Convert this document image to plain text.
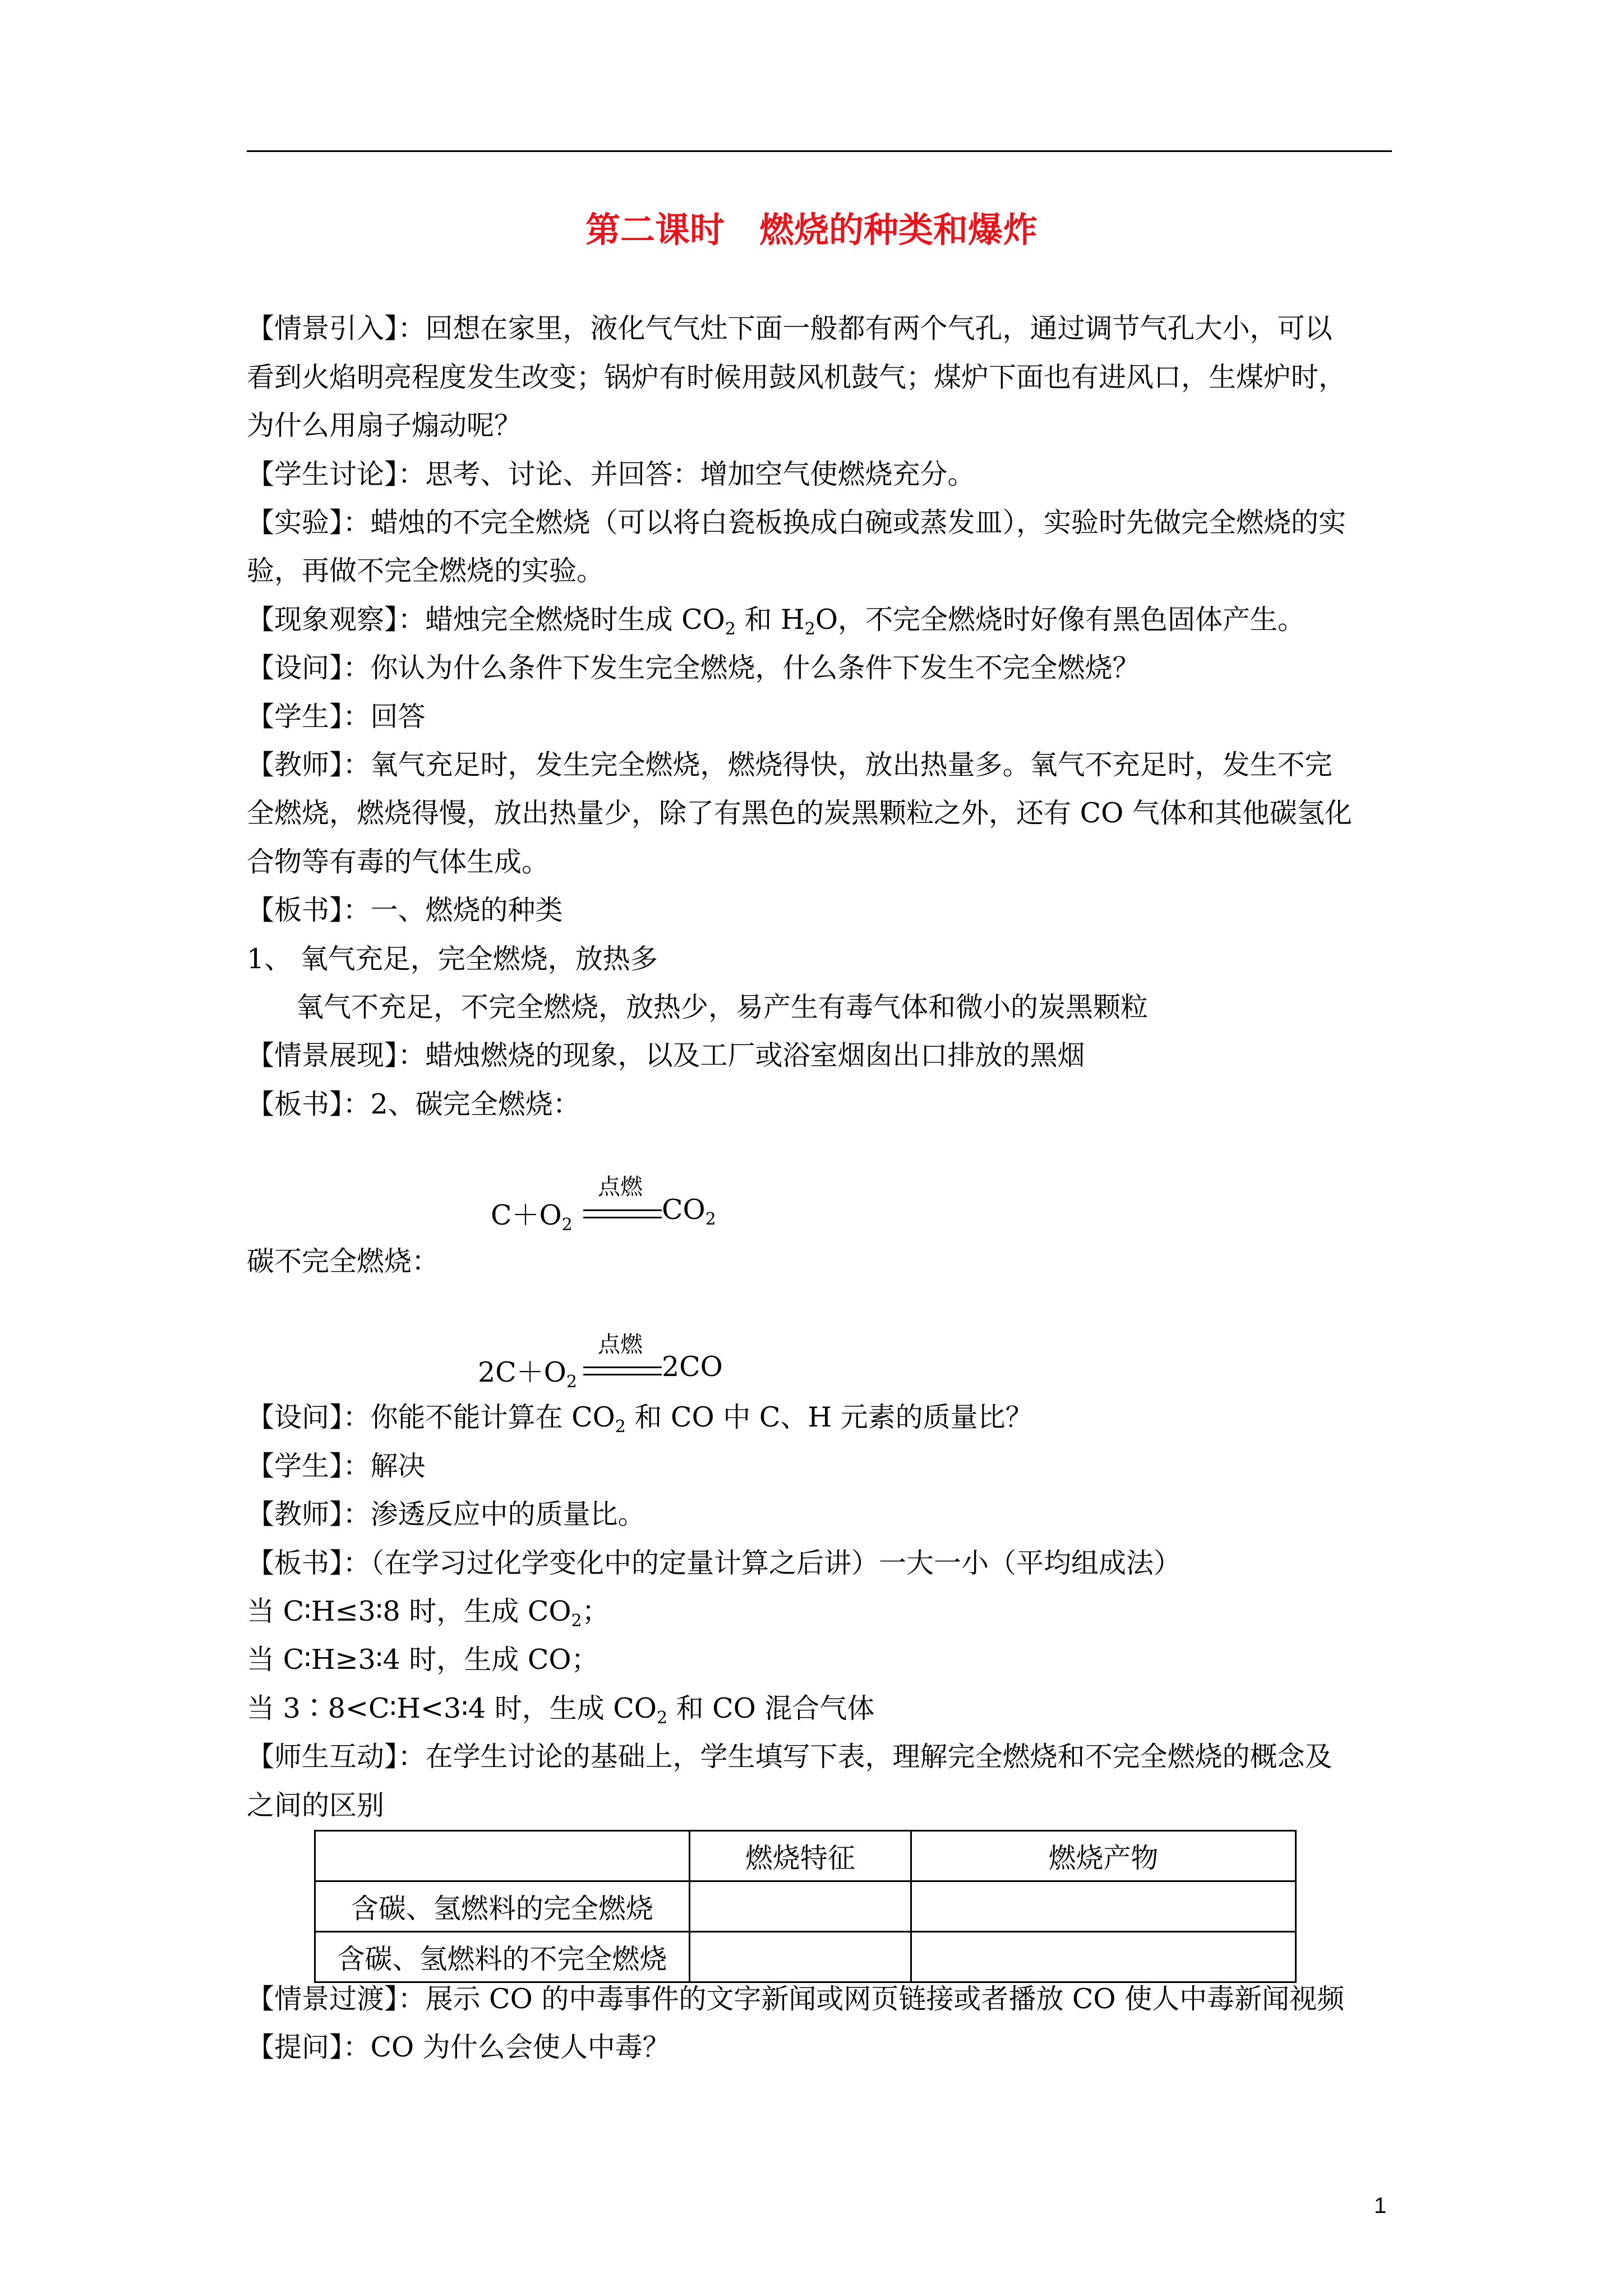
第二课时　燃烧的种类和爆炸
【情景引入】：回想在家里，液化气气灶下面一般都有两个气孔，通过调节气孔大小，可以
看到火焰明亮程度发生改变；锅炉有时候用鼓风机鼓气；煤炉下面也有进风口，生煤炉时，
为什么用扇子煽动呢？
【学生讨论】：思考、讨论、并回答：增加空气使燃烧充分。
【实验】：蜡烛的不完全燃烧（可以将白瓷板换成白碗或蒸发皿），实验时先做完全燃烧的实
验，再做不完全燃烧的实验。
【现象观察】：蜡烛完全燃烧时生成 $CO_2$ 和 $H_2O$，不完全燃烧时好像有黑色固体产生。
【设问】：你认为什么条件下发生完全燃烧，什么条件下发生不完全燃烧？
【学生】：回答
【教师】：氧气充足时，发生完全燃烧，燃烧得快，放出热量多。氧气不充足时，发生不完
全燃烧，燃烧得慢，放出热量少，除了有黑色的炭黑颗粒之外，还有 CO 气体和其他碳氢化
合物等有毒的气体生成。
【板书】：一、燃烧的种类
1、 氧气充足，完全燃烧，放热多
氧气不充足，不完全燃烧，放热少，易产生有毒气体和微小的炭黑颗粒
【情景展现】：蜡烛燃烧的现象，以及工厂或浴室烟囱出口排放的黑烟
【板书】：2、碳完全燃烧：
$C+O_2$
点燃
$CO_2$
碳不完全燃烧：
$2C+O_2$
点燃
2CO
【设问】：你能不能计算在 $CO_2$ 和 CO 中 C、H 元素的质量比？
【学生】：解决
【教师】：渗透反应中的质量比。
【板书】：（在学习过化学变化中的定量计算之后讲）一大一小（平均组成法）
当 C∶H≤3∶8 时，生成 $CO_2$；
当 C∶H≥3∶4 时，生成 CO；
当 3∶8<C∶H<3∶4 时，生成 $CO_2$ 和 CO 混合气体
【师生互动】：在学生讨论的基础上，学生填写下表，理解完全燃烧和不完全燃烧的概念及
之间的区别
	燃烧特征	燃烧产物
含碳、氢燃料的完全燃烧		
含碳、氢燃料的不完全燃烧		
【情景过渡】：展示 CO 的中毒事件的文字新闻或网页链接或者播放 CO 使人中毒新闻视频
【提问】：CO 为什么会使人中毒？
1
